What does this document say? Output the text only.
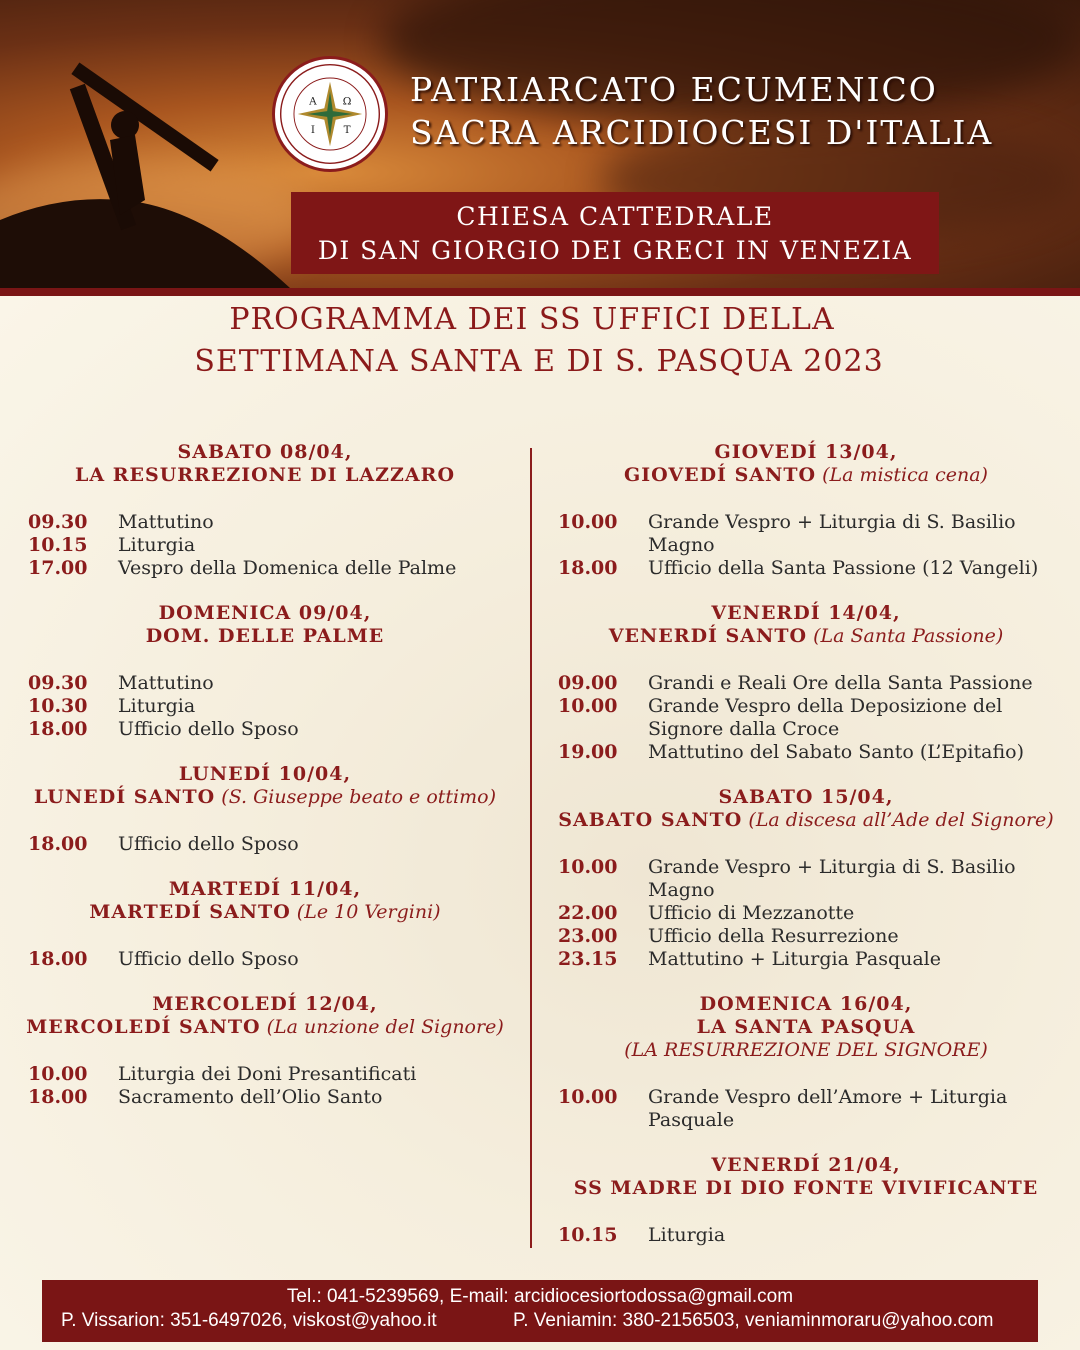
Α Ω
Ι	Τ
PATRIARCATO ECUMENICO
SACRA ARCIDIOCESI D'ITALIA
CHIESA CATTEDRALE
DI SAN GIORGIO DEI GRECI IN VENEZIA
PROGRAMMA DEI SS UFFICI DELLA
SETTIMANA SANTA E DI S. PASQUA 2023
SABATO 08/04,
LA RESURREZIONE DI LAZZARO
09.30	Mattutino
10.15	Liturgia
17.00	Vespro della Domenica delle Palme
DOMENICA 09/04,
DOM. DELLE PALME
09.30	Mattutino
10.30	Liturgia
18.00	Ufficio dello Sposo
LUNEDÍ 10/04,
LUNEDÍ SANTO (S. Giuseppe beato e ottimo)
18.00	Ufficio dello Sposo
MARTEDÍ 11/04,
MARTEDÍ SANTO (Le 10 Vergini)
18.00	Ufficio dello Sposo
MERCOLEDÍ 12/04,
MERCOLEDÍ SANTO (La unzione del Signore)
10.00	Liturgia dei Doni Presantificati
18.00	Sacramento dell’Olio Santo
GIOVEDÍ 13/04,
GIOVEDÍ SANTO (La mistica cena)
10.00	Grande Vespro + Liturgia di S. Basilio Magno
18.00	Ufficio della Santa Passione (12 Vangeli)
VENERDÍ 14/04,
VENERDÍ SANTO (La Santa Passione)
09.00	Grandi e Reali Ore della Santa Passione
10.00	Grande Vespro della Deposizione del Signore dalla Croce
19.00	Mattutino del Sabato Santo (L’Epitafio)
SABATO 15/04,
SABATO SANTO (La discesa all’Ade del Signore)
10.00	Grande Vespro + Liturgia di S. Basilio Magno
22.00	Ufficio di Mezzanotte
23.00	Ufficio della Resurrezione
23.15	Mattutino + Liturgia Pasquale
DOMENICA 16/04,
LA SANTA PASQUA
(LA RESURREZIONE DEL SIGNORE)
10.00	Grande Vespro dell’Amore + Liturgia Pasquale
VENERDÍ 21/04,
SS MADRE DI DIO FONTE VIVIFICANTE
10.15	Liturgia
Tel.: 041-5239569, E-mail: arcidiocesiortodossa@gmail.com
P. Vissarion: 351-6497026, viskost@yahoo.it	P. Veniamin: 380-2156503, veniaminmoraru@yahoo.com
